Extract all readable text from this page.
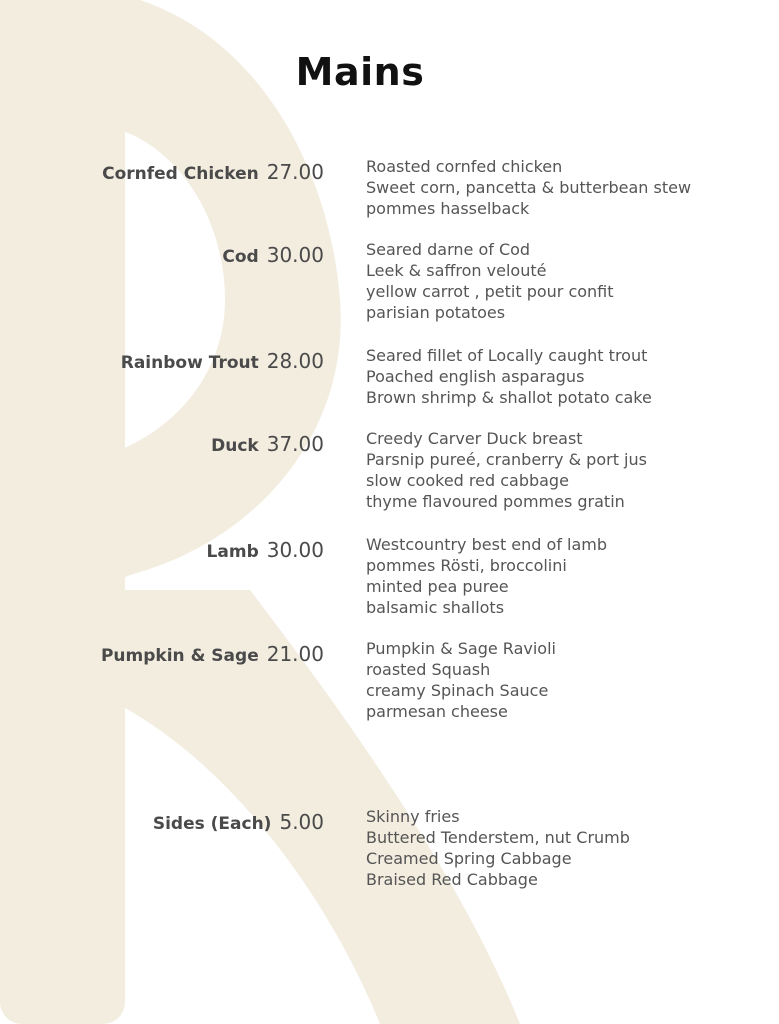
Mains
Cornfed Chicken 27.00	Roasted cornfed chicken
Sweet corn, pancetta & butterbean stew
pommes hasselback
Cod 30.00	Seared darne of Cod
Leek & saffron velouté
yellow carrot , petit pour confit
parisian potatoes
Rainbow Trout 28.00	Seared fillet of Locally caught trout
Poached english asparagus
Brown shrimp & shallot potato cake
Duck 37.00	Creedy Carver Duck breast
Parsnip pureé, cranberry & port jus
slow cooked red cabbage
thyme flavoured pommes gratin
Lamb 30.00	Westcountry best end of lamb
pommes Rösti, broccolini
minted pea puree
balsamic shallots
Pumpkin & Sage 21.00	Pumpkin & Sage Ravioli
roasted Squash
creamy Spinach Sauce
parmesan cheese
Sides (Each) 5.00	Skinny fries
Buttered Tenderstem, nut Crumb
Creamed Spring Cabbage
Braised Red Cabbage
